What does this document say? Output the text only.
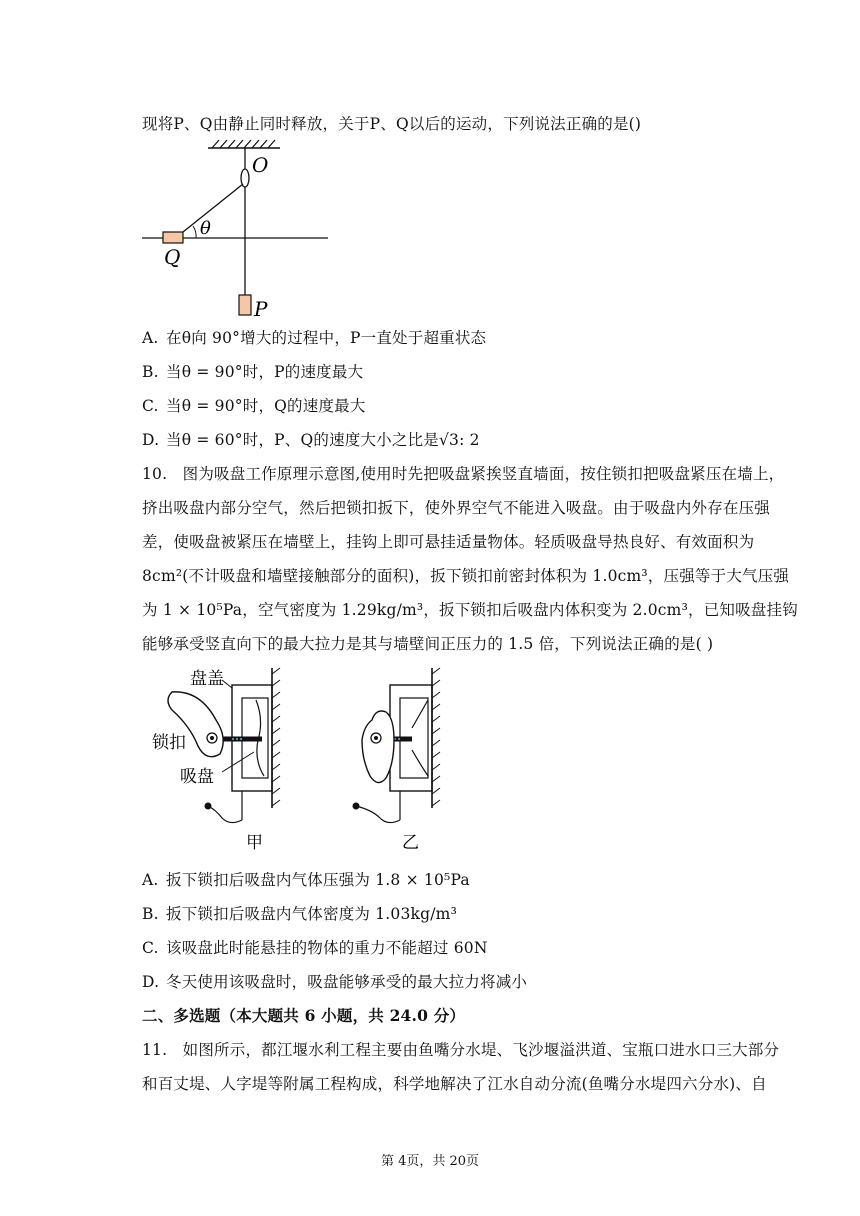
现将P、Q由静止同时释放，关于P、Q以后的运动，下列说法正确的是()
O
Q
P
θ
A. 在θ向 90°增大的过程中，P一直处于超重状态
B. 当θ = 90°时，P的速度最大
C. 当θ = 90°时，Q的速度最大
D. 当θ = 60°时，P、Q的速度大小之比是√3: 2
10. 图为吸盘工作原理示意图,使用时先把吸盘紧挨竖直墙面，按住锁扣把吸盘紧压在墙上，
挤出吸盘内部分空气，然后把锁扣扳下，使外界空气不能进入吸盘。由于吸盘内外存在压强
差，使吸盘被紧压在墙壁上，挂钩上即可悬挂适量物体。轻质吸盘导热良好、有效面积为
8cm²(不计吸盘和墙壁接触部分的面积)，扳下锁扣前密封体积为 1.0cm³，压强等于大气压强
为 1 × 10⁵Pa，空气密度为 1.29kg/m³，扳下锁扣后吸盘内体积变为 2.0cm³，已知吸盘挂钩
能够承受竖直向下的最大拉力是其与墙壁间正压力的 1.5 倍，下列说法正确的是( )
盘盖
锁扣
吸盘
甲	乙
A. 扳下锁扣后吸盘内气体压强为 1.8 × 10⁵Pa
B. 扳下锁扣后吸盘内气体密度为 1.03kg/m³
C. 该吸盘此时能悬挂的物体的重力不能超过 60N
D. 冬天使用该吸盘时，吸盘能够承受的最大拉力将减小
二、多选题（本大题共 6 小题，共 24.0 分）
11. 如图所示，都江堰水利工程主要由鱼嘴分水堤、飞沙堰溢洪道、宝瓶口进水口三大部分
和百丈堤、人字堤等附属工程构成，科学地解决了江水自动分流(鱼嘴分水堤四六分水)、自
第 4页，共 20页
